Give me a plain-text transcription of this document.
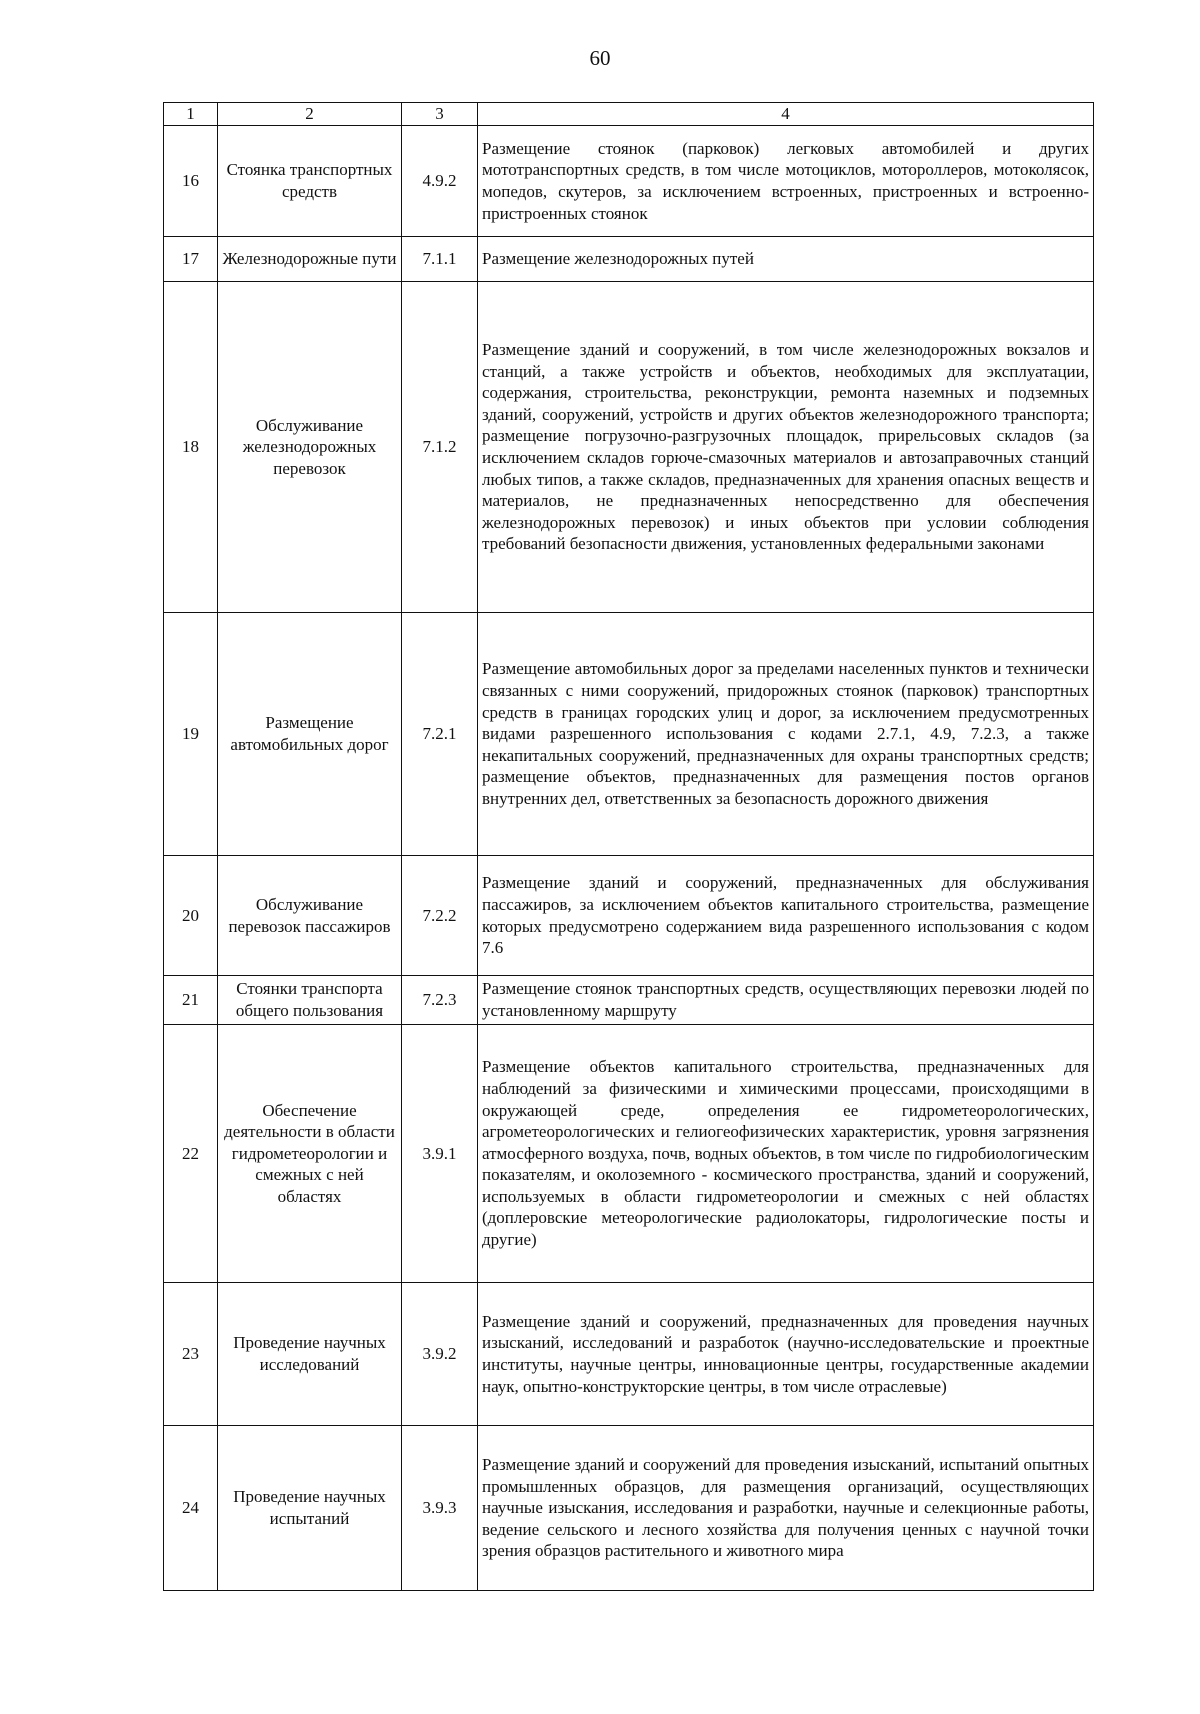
60
1	2	3	4
16	Стоянка транспортных средств	4.9.2	Размещение стоянок (парковок) легковых автомобилей и других мототранспортных средств, в том числе мотоциклов, мотороллеров, мотоколясок, мопедов, скутеров, за исключением встроенных, пристроенных и встроенно-пристроенных стоянок

17	Железнодорожные пути	7.1.1	Размещение железнодорожных путей

18	Обслуживание железнодорожных перевозок	7.1.2	Размещение зданий и сооружений, в том числе железнодорожных вокзалов и станций, а также устройств и объектов, необходимых для эксплуатации, содержания, строительства, реконструкции, ремонта наземных и подземных зданий, сооружений, устройств и других объектов железнодорожного транспорта; размещение погрузочно-разгрузочных площадок, прирельсовых складов (за исключением складов горюче-смазочных материалов и автозаправочных станций любых типов, а также складов, предназначенных для хранения опасных веществ и материалов, не предназначенных непосредственно для обеспечения железнодорожных перевозок) и иных объектов при условии соблюдения требований безопасности движения, установленных федеральными законами

19	Размещение автомобильных дорог	7.2.1	Размещение автомобильных дорог за пределами населенных пунктов и технически связанных с ними сооружений, придорожных стоянок (парковок) транспортных средств в границах городских улиц и дорог, за исключением предусмотренных видами разрешенного использования с кодами 2.7.1, 4.9, 7.2.3, а также некапитальных сооружений, предназначенных для охраны транспортных средств; размещение объектов, предназначенных для размещения постов органов внутренних дел, ответственных за безопасность дорожного движения

20	Обслуживание перевозок пассажиров	7.2.2	Размещение зданий и сооружений, предназначенных для обслуживания пассажиров, за исключением объектов капитального строительства, размещение которых предусмотрено содержанием вида разрешенного использования с кодом 7.6

21	Стоянки транспорта общего пользования	7.2.3	Размещение стоянок транспортных средств, осуществляющих перевозки людей по установленному маршруту

22	Обеспечение деятельности в области гидрометеорологии и смежных с ней областях	3.9.1	Размещение объектов капитального строительства, предназначенных для наблюдений за физическими и химическими процессами, происходящими в окружающей среде, определения ее гидрометеорологических, агрометеорологических и гелиогеофизических характеристик, уровня загрязнения атмосферного воздуха, почв, водных объектов, в том числе по гидробиологическим показателям, и околоземного - космического пространства, зданий и сооружений, используемых в области гидрометеорологии и смежных с ней областях (доплеровские метеорологические радиолокаторы, гидрологические посты и другие)

23	Проведение научных исследований	3.9.2	Размещение зданий и сооружений, предназначенных для проведения научных изысканий, исследований и разработок (научно-исследовательские и проектные институты, научные центры, инновационные центры, государственные академии наук, опытно-конструкторские центры, в том числе отраслевые)

24	Проведение научных испытаний	3.9.3	Размещение зданий и сооружений для проведения изысканий, испытаний опытных промышленных образцов, для размещения организаций, осуществляющих научные изыскания, исследования и разработки, научные и селекционные работы, ведение сельского и лесного хозяйства для получения ценных с научной точки зрения образцов растительного и животного мира
